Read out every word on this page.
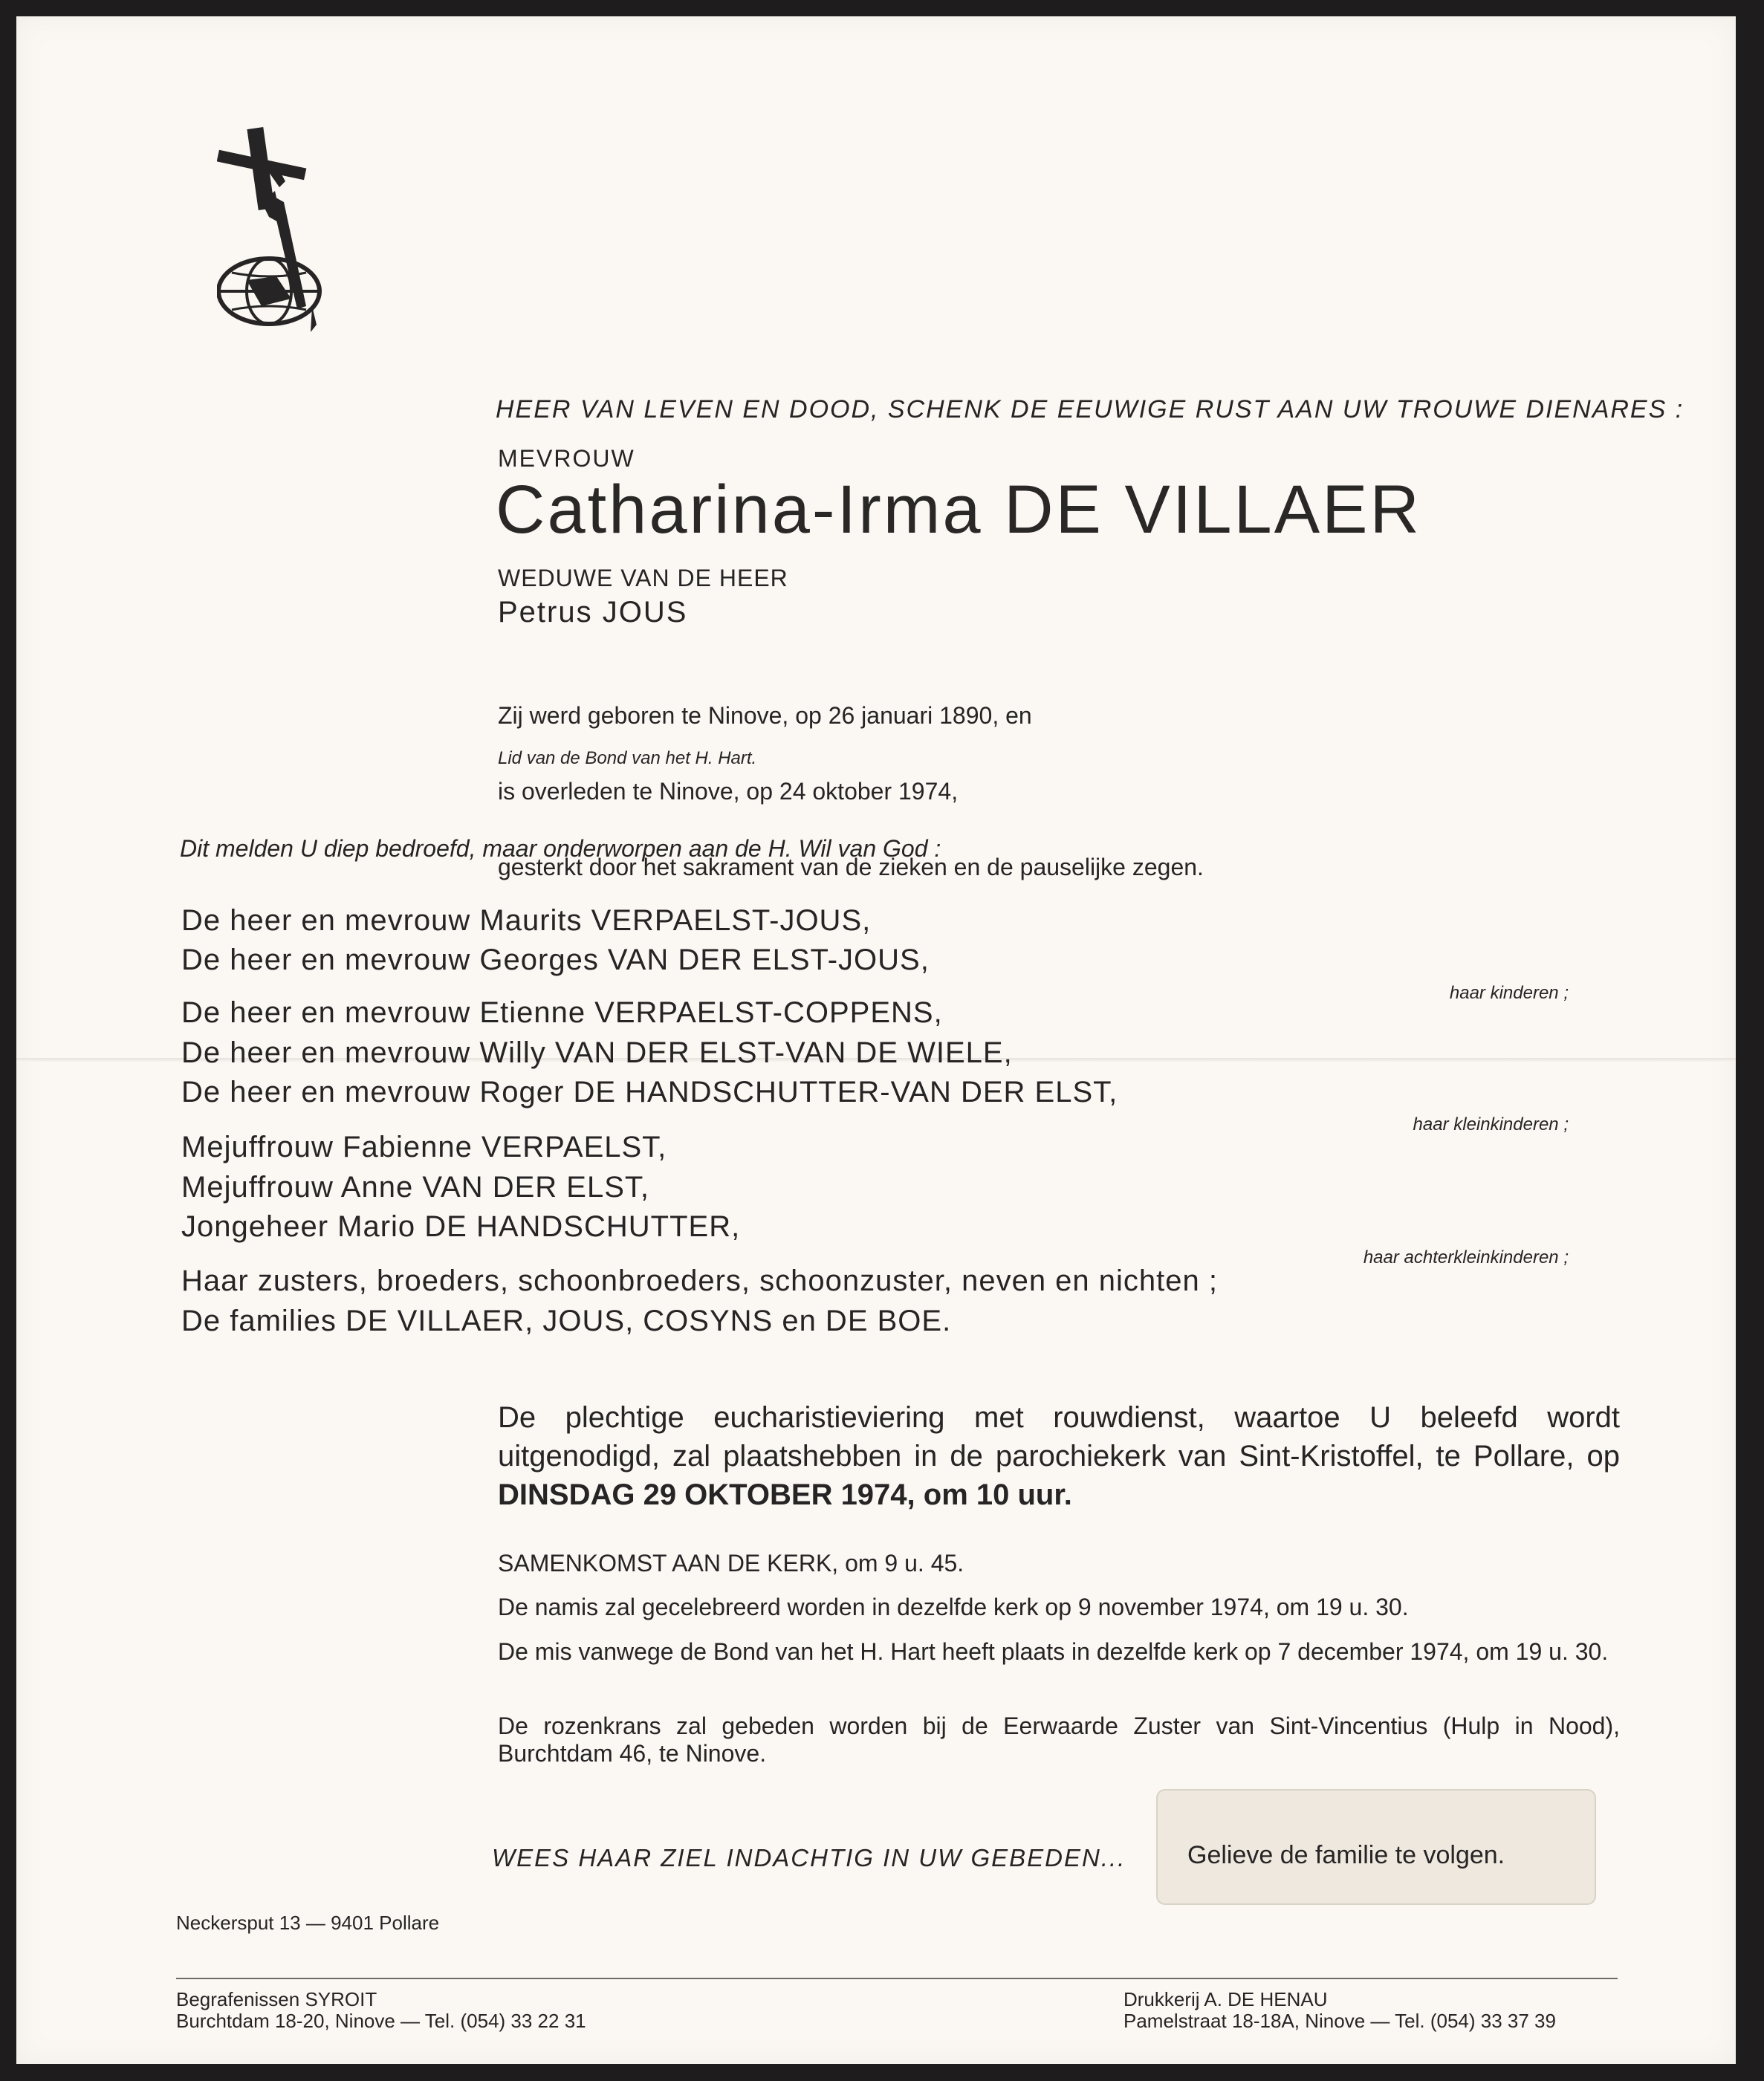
HEER VAN LEVEN EN DOOD, SCHENK DE EEUWIGE RUST AAN UW TROUWE DIENARES :
MEVROUW
Catharina-Irma DE VILLAER
WEDUWE VAN DE HEER
Petrus JOUS

Zij werd geboren te Ninove, op 26 januari 1890, en

is overleden te Ninove, op 24 oktober 1974,

gesterkt door het sakrament van de zieken en de pauselijke zegen.

Lid van de Bond van het H. Hart.
Dit melden U diep bedroefd, maar onderworpen aan de H. Wil van God :
De heer en mevrouw Maurits VERPAELST-JOUS,
De heer en mevrouw Georges VAN DER ELST-JOUS,
haar kinderen ;
De heer en mevrouw Etienne VERPAELST-COPPENS,
De heer en mevrouw Willy VAN DER ELST-VAN DE WIELE,
De heer en mevrouw Roger DE HANDSCHUTTER-VAN DER ELST,
haar kleinkinderen ;
Mejuffrouw Fabienne VERPAELST,
Mejuffrouw Anne VAN DER ELST,
Jongeheer Mario DE HANDSCHUTTER,
haar achterkleinkinderen ;
Haar zusters, broeders, schoonbroeders, schoonzuster, neven en nichten ;
De families DE VILLAER, JOUS, COSYNS en DE BOE.
De plechtige eucharistieviering met rouwdienst, waartoe U beleefd wordt uitgenodigd, zal plaatshebben in de parochiekerk van Sint-Kristoffel, te Pollare, op DINSDAG 29 OKTOBER 1974, om 10 uur.
SAMENKOMST AAN DE KERK, om 9 u. 45.
De namis zal gecelebreerd worden in dezelfde kerk op 9 november 1974, om 19 u. 30.
De mis vanwege de Bond van het H. Hart heeft plaats in dezelfde kerk op 7 december 1974, om 19 u. 30.
De rozenkrans zal gebeden worden bij de Eerwaarde Zuster van Sint-Vincentius (Hulp in Nood), Burchtdam 46, te Ninove.
WEES HAAR ZIEL INDACHTIG IN UW GEBEDEN... Gelieve de familie te volgen.
Neckersput 13 — 9401 Pollare
Begrafenissen SYROIT
Burchtdam 18-20, Ninove — Tel. (054) 33 22 31
Drukkerij A. DE HENAU
Pamelstraat 18-18A, Ninove — Tel. (054) 33 37 39
